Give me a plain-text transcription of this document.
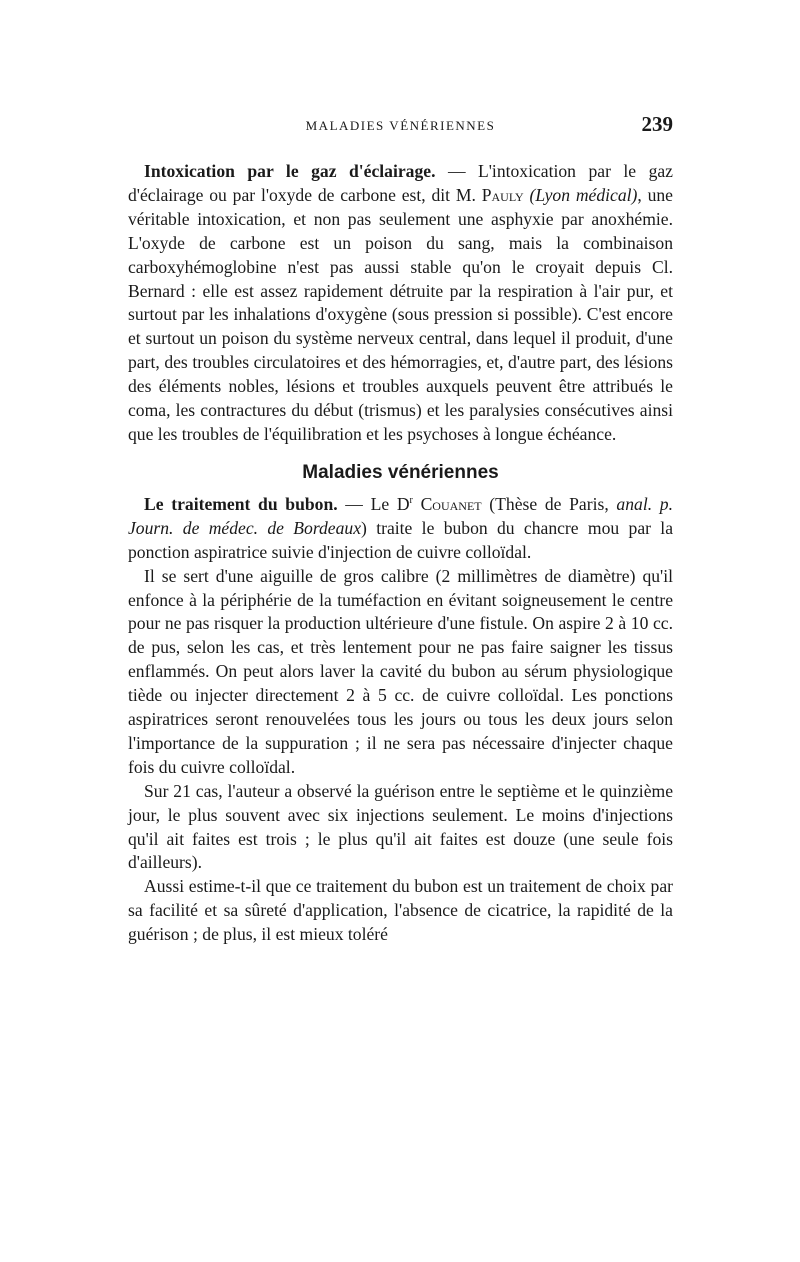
MALADIES VÉNÉRIENNES	239

Intoxication par le gaz d'éclairage. — L'intoxication par le gaz d'éclairage ou par l'oxyde de carbone est, dit M. Pauly (Lyon médical), une véritable intoxication, et non pas seulement une asphyxie par anoxhémie. L'oxyde de carbone est un poison du sang, mais la combinaison carboxyhémoglobine n'est pas aussi stable qu'on le croyait depuis Cl. Bernard : elle est assez rapidement détruite par la respiration à l'air pur, et surtout par les inhalations d'oxygène (sous pression si possible). C'est encore et surtout un poison du système nerveux central, dans lequel il produit, d'une part, des troubles circulatoires et des hémorragies, et, d'autre part, des lésions des éléments nobles, lésions et troubles auxquels peuvent être attribués le coma, les contractures du début (trismus) et les paralysies consécutives ainsi que les troubles de l'équilibration et les psychoses à longue échéance.

Maladies vénériennes

Le traitement du bubon. — Le $D^r$ Couanet (Thèse de Paris, anal. p. Journ. de médec. de Bordeaux) traite le bubon du chancre mou par la ponction aspiratrice suivie d'injection de cuivre colloïdal.

Il se sert d'une aiguille de gros calibre (2 millimètres de diamètre) qu'il enfonce à la périphérie de la tuméfaction en évitant soigneusement le centre pour ne pas risquer la production ultérieure d'une fistule. On aspire 2 à 10 cc. de pus, selon les cas, et très lentement pour ne pas faire saigner les tissus enflammés. On peut alors laver la cavité du bubon au sérum physiologique tiède ou injecter directement 2 à 5 cc. de cuivre colloïdal. Les ponctions aspiratrices seront renouvelées tous les jours ou tous les deux jours selon l'importance de la suppuration ; il ne sera pas nécessaire d'injecter chaque fois du cuivre colloïdal.

Sur 21 cas, l'auteur a observé la guérison entre le septième et le quinzième jour, le plus souvent avec six injections seulement. Le moins d'injections qu'il ait faites est trois ; le plus qu'il ait faites est douze (une seule fois d'ailleurs).

Aussi estime-t-il que ce traitement du bubon est un traitement de choix par sa facilité et sa sûreté d'application, l'absence de cicatrice, la rapidité de la guérison ; de plus, il est mieux toléré
